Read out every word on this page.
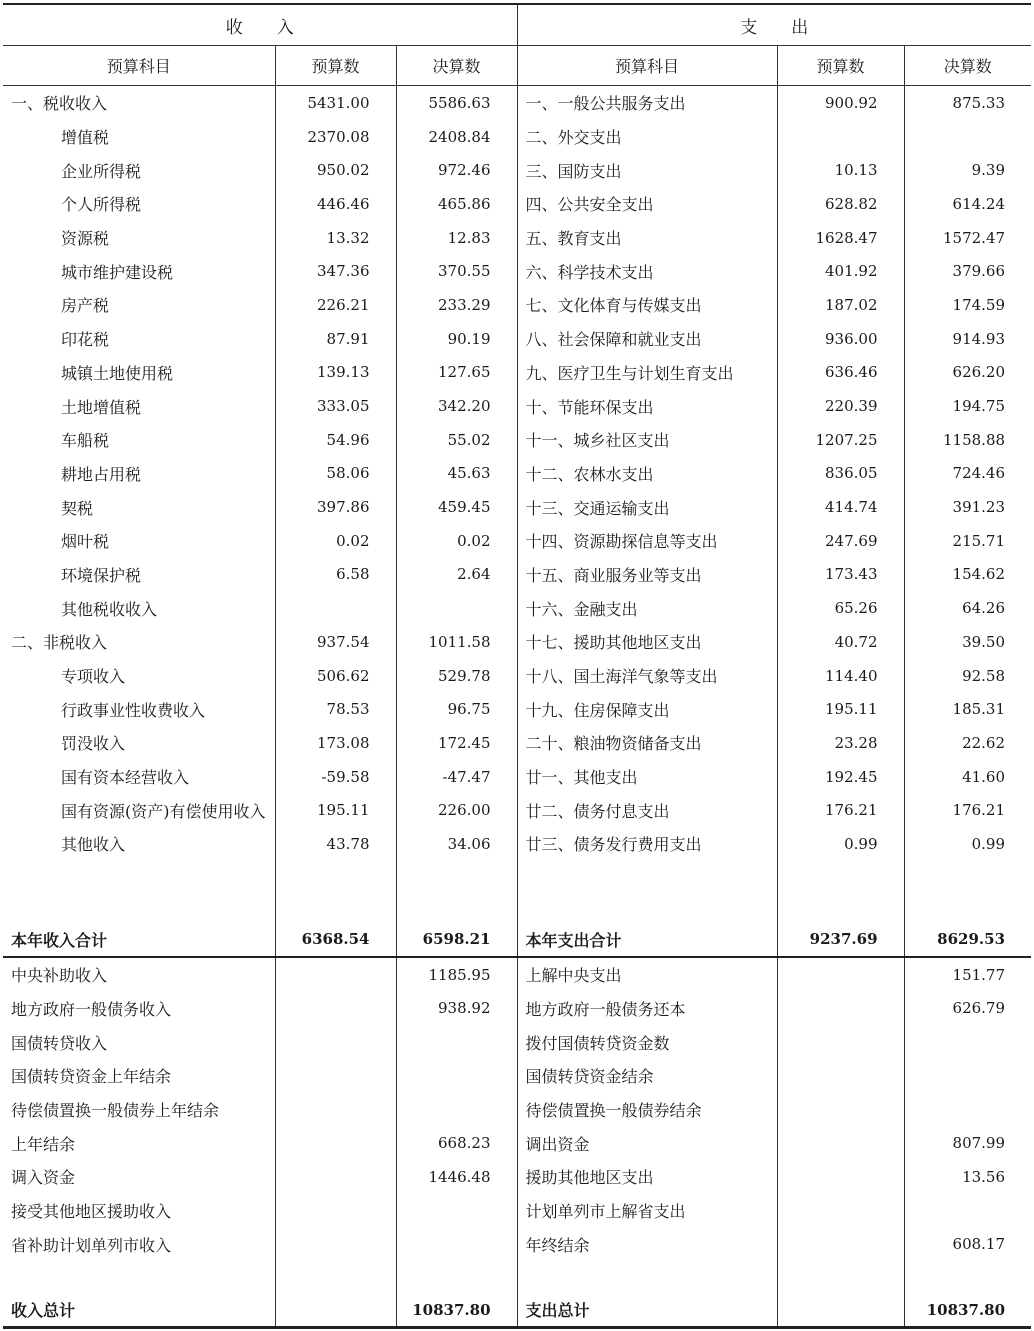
收　　入			支　　出		
预算科目	预算数	决算数	预算科目	预算数	决算数
一、税收收入	5431.00	5586.63	一、一般公共服务支出	900.92	875.33
增值税	2370.08	2408.84	二、外交支出		
企业所得税	950.02	972.46	三、国防支出	10.13	9.39
个人所得税	446.46	465.86	四、公共安全支出	628.82	614.24
资源税	13.32	12.83	五、教育支出	1628.47	1572.47
城市维护建设税	347.36	370.55	六、科学技术支出	401.92	379.66
房产税	226.21	233.29	七、文化体育与传媒支出	187.02	174.59
印花税	87.91	90.19	八、社会保障和就业支出	936.00	914.93
城镇土地使用税	139.13	127.65	九、医疗卫生与计划生育支出	636.46	626.20
土地增值税	333.05	342.20	十、节能环保支出	220.39	194.75
车船税	54.96	55.02	十一、城乡社区支出	1207.25	1158.88
耕地占用税	58.06	45.63	十二、农林水支出	836.05	724.46
契税	397.86	459.45	十三、交通运输支出	414.74	391.23
烟叶税	0.02	0.02	十四、资源勘探信息等支出	247.69	215.71
环境保护税	6.58	2.64	十五、商业服务业等支出	173.43	154.62
其他税收收入			十六、金融支出	65.26	64.26
二、非税收入	937.54	1011.58	十七、援助其他地区支出	40.72	39.50
专项收入	506.62	529.78	十八、国土海洋气象等支出	114.40	92.58
行政事业性收费收入	78.53	96.75	十九、住房保障支出	195.11	185.31
罚没收入	173.08	172.45	二十、粮油物资储备支出	23.28	22.62
国有资本经营收入	-59.58	-47.47	廿一、其他支出	192.45	41.60
国有资源(资产)有偿使用收入	195.11	226.00	廿二、债务付息支出	176.21	176.21
其他收入	43.78	34.06	廿三、债务发行费用支出	0.99	0.99

本年收入合计	6368.54	6598.21	本年支出合计	9237.69	8629.53
中央补助收入		1185.95	上解中央支出		151.77
地方政府一般债务收入		938.92	地方政府一般债务还本		626.79
国债转贷收入			拨付国债转贷资金数		
国债转贷资金上年结余			国债转贷资金结余		
待偿债置换一般债券上年结余			待偿债置换一般债券结余		
上年结余		668.23	调出资金		807.99
调入资金		1446.48	援助其他地区支出		13.56
接受其他地区援助收入			计划单列市上解省支出		
省补助计划单列市收入			年终结余		608.17

收入总计		10837.80	支出总计		10837.80
